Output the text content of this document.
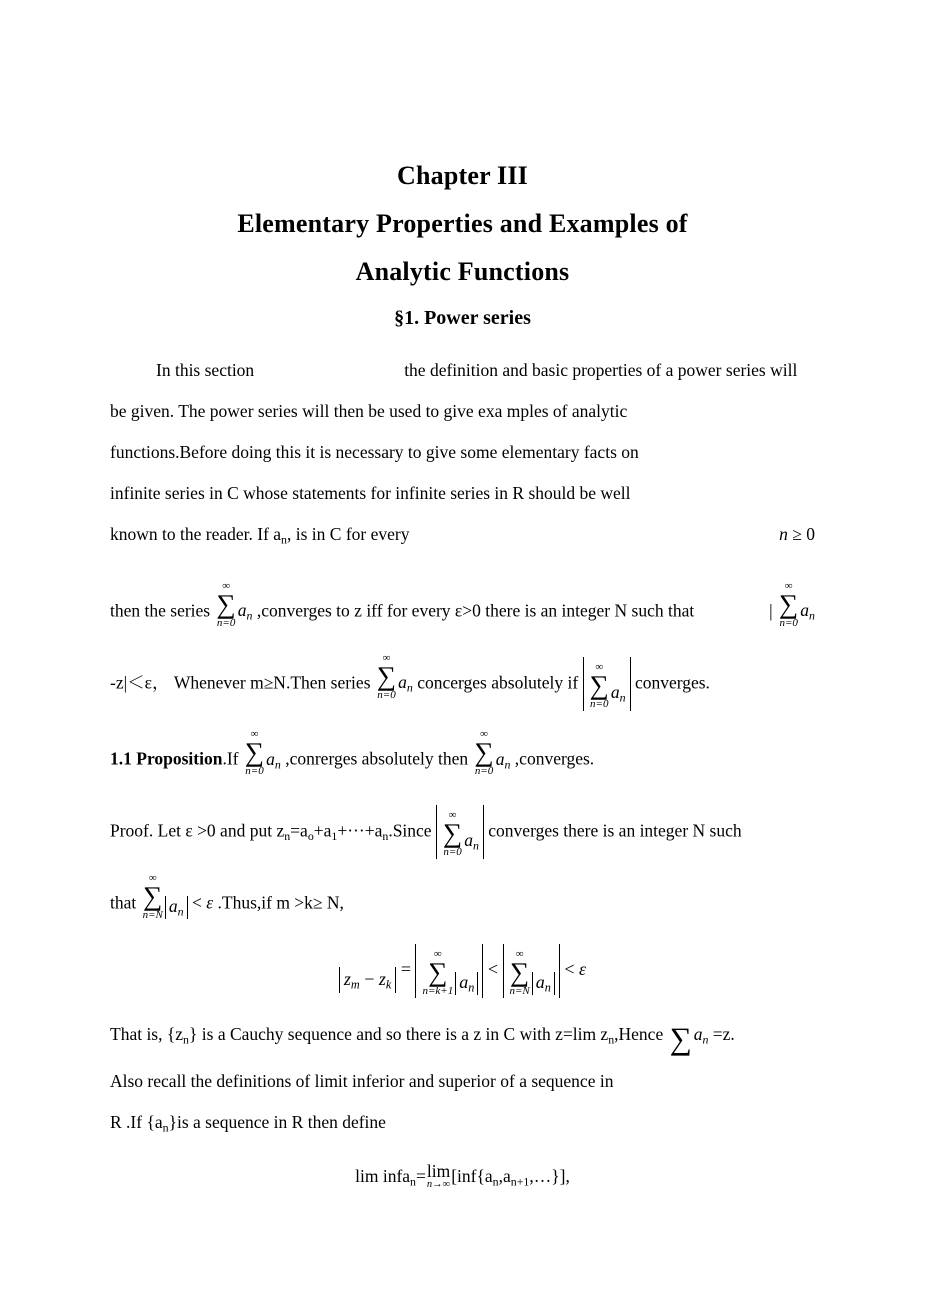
Chapter III
Elementary Properties and Examples of
Analytic Functions
§1. Power series
In this section	the definition and basic properties of a power series will
be given. The power series will then be used to give exa mples of analytic
functions.Before doing this it is necessary to give some elementary facts on
infinite series in C whose statements for infinite series in R should be well
known to the reader. If $a_n$, is in C for every	n ≥ 0
then the series
∞
∑
n=0
$a_n$ ,converges to z iff for every ε>0 there is an integer N such that	|
∞
∑
n=0
$a_n$
-z|＜ε， Whenever m≥N.Then series
∞
∑
n=0
$a_n$ concerges absolutely if
∞
∑
n=0
$a_n$ converges.
1.1 Proposition.If
∞
∑
n=0
$a_n$ ,conrerges absolutely then
∞
∑
n=0
$a_n$ ,converges.
Proof. Let ε >0 and put $z_n=a_o+a_1+\cdot\cdot\cdot+a_n.Since$
∞
∑
n=0
$a_n$ converges there is an integer N such
that
∞
∑
n=N $a_n < \varepsilon$ .Thus,if m >k≥ N,
$z_m - z_k$ =
∞
∑
n=k+1 $a_n$ <
∞
∑
n=N $a_n < \varepsilon$
That is, $\{z_n\}$ is a Cauchy sequence and so there is a z in C with z=lim $z_n,Hence$ ∑ $a_n =z$.
Also recall the definitions of limit inferior and superior of a sequence in
R .If $\{a_n\}is$ a sequence in R then define
lim infa$_n$= lim
n→∞ $[inf\{a_n,a_{n+1},\dots\}]$,
